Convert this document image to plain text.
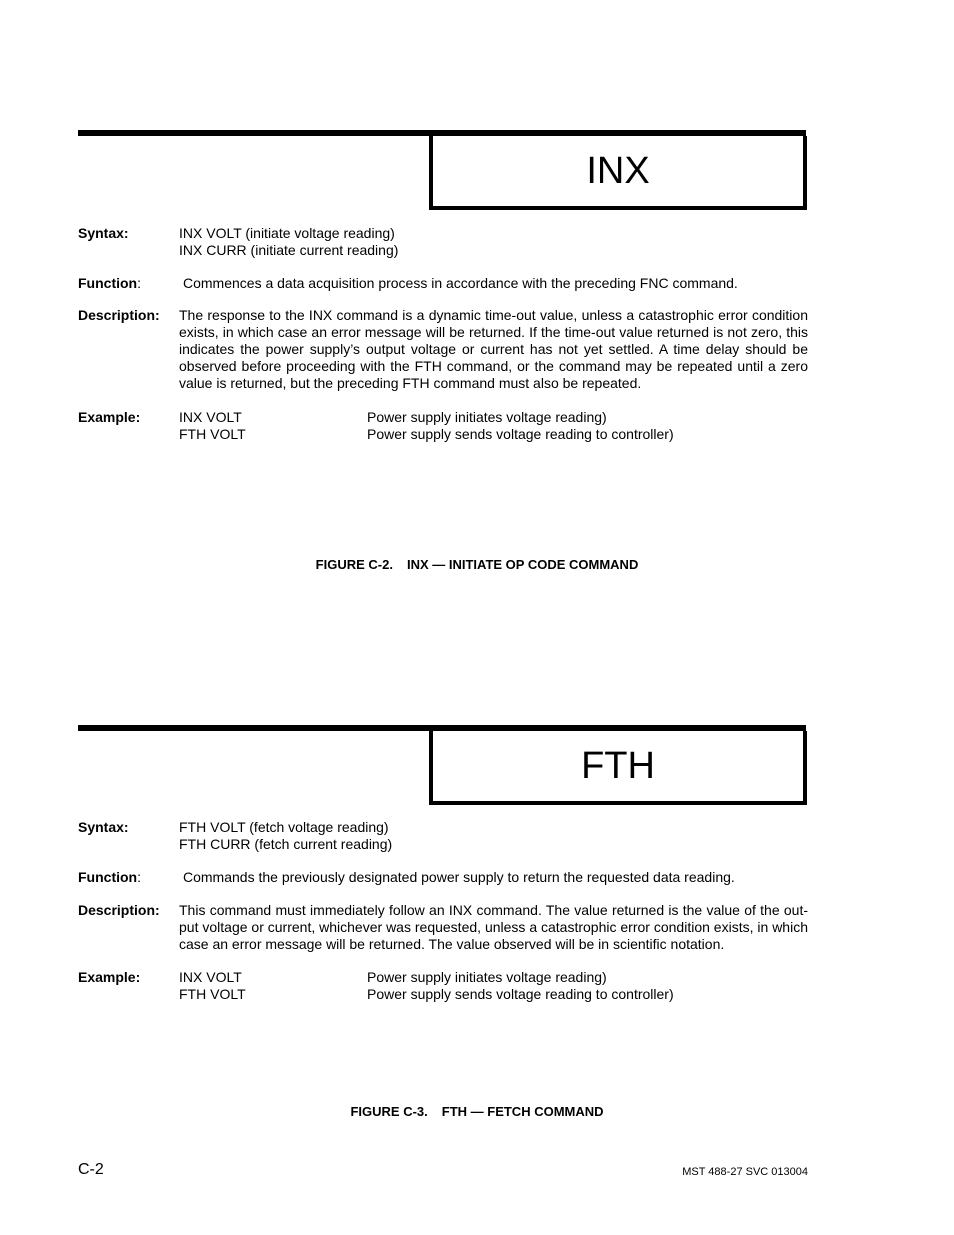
INX
Syntax:	INX VOLT (initiate voltage reading)

INX CURR (initiate current reading)

Function:	Commences a data acquisition process in accordance with the preceding FNC command.
Description: The response to the INX command is a dynamic time-out value, unless a catastrophic error condition exists, in which case an error message will be returned. If the time-out value returned is not zero, this indicates the power supply’s output voltage or current has not yet settled. A time delay should be observed before proceeding with the FTH command, or the command may be repeated until a zero value is returned, but the preceding FTH command must also be repeated.
Example:	INX VOLT	Power supply initiates voltage reading)
FTH VOLT	Power supply sends voltage reading to controller)
FIGURE C-2. INX — INITIATE OP CODE COMMAND
FTH
Syntax:	FTH VOLT (fetch voltage reading)

FTH CURR (fetch current reading)

Function:	Commands the previously designated power supply to return the requested data reading.
Description: This command must immediately follow an INX command. The value returned is the value of the out-put voltage or current, whichever was requested, unless a catastrophic error condition exists, in which case an error message will be returned. The value observed will be in scientific notation.
Example:	INX VOLT	Power supply initiates voltage reading)
FTH VOLT	Power supply sends voltage reading to controller)
FIGURE C-3. FTH — FETCH COMMAND
C-2	MST 488-27 SVC 013004
